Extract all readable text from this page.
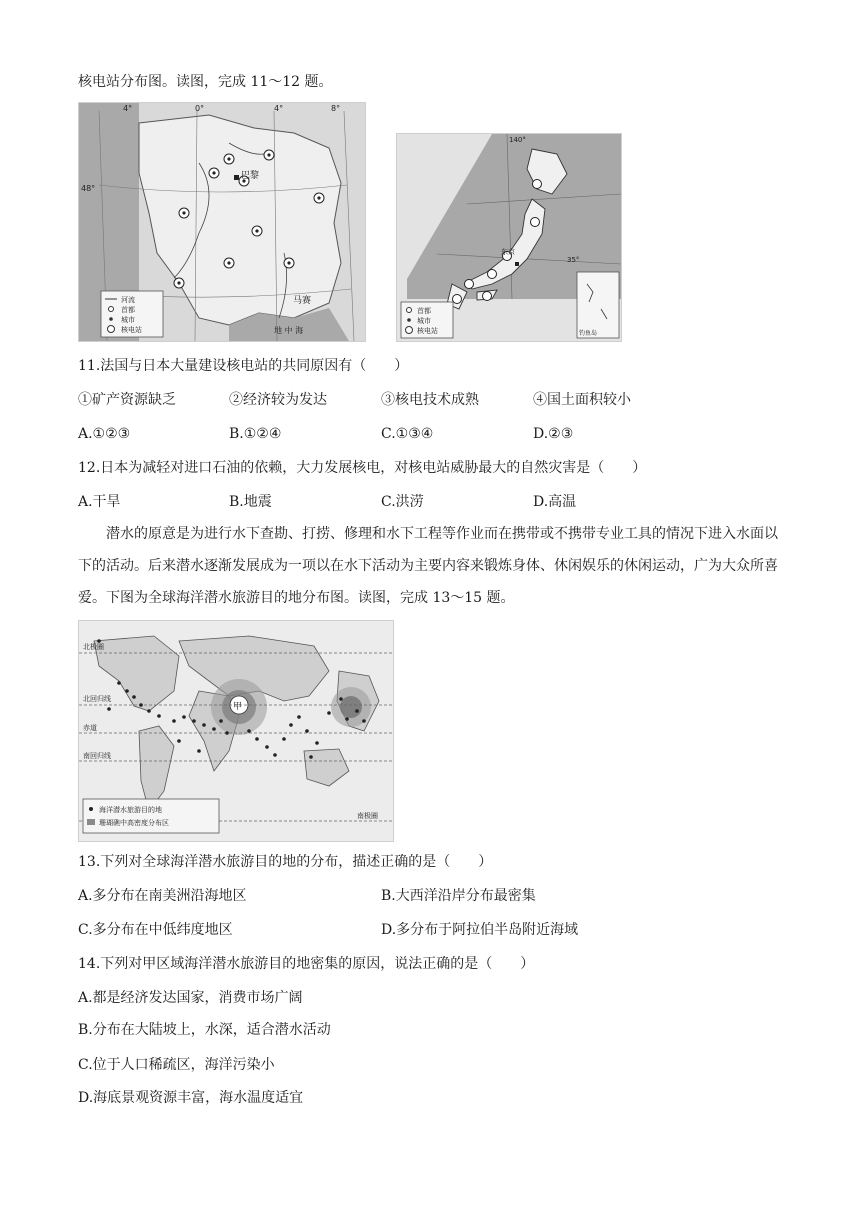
核电站分布图。读图，完成 11～12 题。
4°	0°	4°	8°
48°
巴黎
马赛
地 中 海
河流
首都
城市
核电站
140°
35°
东京
首都
城市
核电站	钓鱼岛
11.法国与日本大量建设核电站的共同原因有（　　）
①矿产资源缺乏	②经济较为发达	③核电技术成熟	④国土面积较小
A.①②③	B.①②④	C.①③④	D.②③
12.日本为减轻对进口石油的依赖，大力发展核电，对核电站威胁最大的自然灾害是（　　）
A.干旱	B.地震	C.洪涝	D.高温
潜水的原意是为进行水下查勘、打捞、修理和水下工程等作业而在携带或不携带专业工具的情况下进入水面以下的活动。后来潜水逐渐发展成为一项以在水下活动为主要内容来锻炼身体、休闲娱乐的休闲运动，广为大众所喜爱。下图为全球海洋潜水旅游目的地分布图。读图，完成 13～15 题。
甲
北极圈
北回归线
赤道
南回归线
南极圈
海洋潜水旅游目的地
珊瑚礁中高密度分布区
13.下列对全球海洋潜水旅游目的地的分布，描述正确的是（　　）
A.多分布在南美洲沿海地区	B.大西洋沿岸分布最密集
C.多分布在中低纬度地区	D.多分布于阿拉伯半岛附近海域
14.下列对甲区域海洋潜水旅游目的地密集的原因，说法正确的是（　　）
A.都是经济发达国家，消费市场广阔
B.分布在大陆坡上，水深，适合潜水活动
C.位于人口稀疏区，海洋污染小
D.海底景观资源丰富，海水温度适宜
